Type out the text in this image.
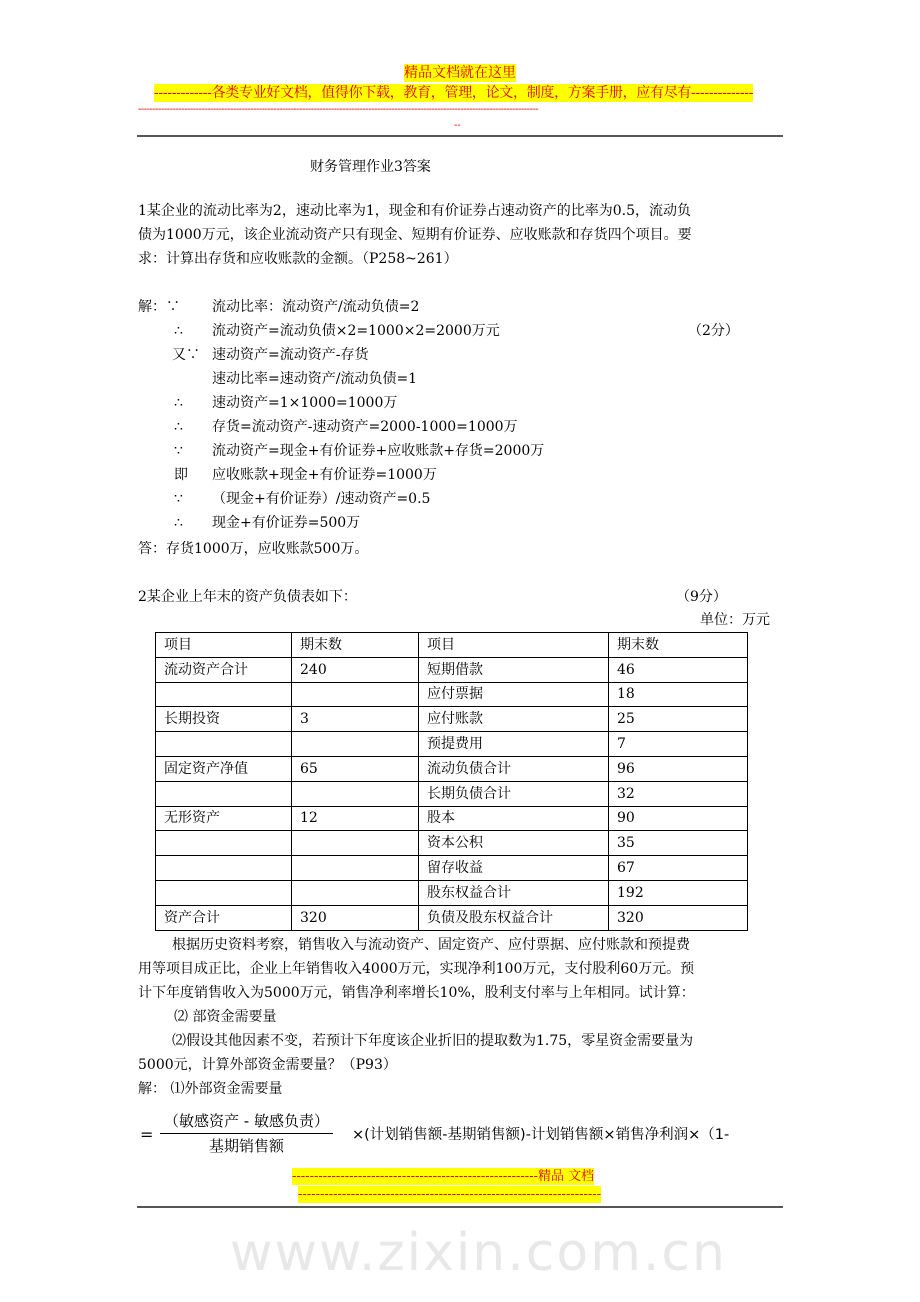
精品文档就在这里
-------------各类专业好文档，值得你下载，教育，管理，论文，制度，方案手册，应有尽有--------------
-------------------------------------------------------------------------------------------------------------------------------------------
--
财务管理作业3答案
（2分）
答：存货1000万，应收账款500万。
2某企业上年末的资产负债表如下：	（9分）
单位：万元
项目	期末数	项目	期末数
流动资产合计	240	短期借款	46
		应付票据	18
长期投资	3	应付账款	25
		预提费用	7
固定资产净值	65	流动负债合计	96
		长期负债合计	32
无形资产	12	股本	90
		资本公积	35
		留存收益	67
		股东权益合计	192
资产合计	320	负债及股东权益合计	320
解： ⑴外部资金需要量
=
（敏感资产 - 敏感负责）
基期销售额
×(计划销售额-基期销售额)-计划销售额×销售净利润×（1-
--------------------------------------------------------精品 文档
---------------------------------------------------------------------
www.zixin.com.cn
1某企业的流动比率为2，速动比率为1，现金和有价证券占速动资产的比率为0.5，流动负
债为1000万元，该企业流动资产只有现金、短期有价证券、应收账款和存货四个项目。要
求：计算出存货和应收账款的金额。（P258~261）
解：∵ 流动比率：流动资产/流动负债=2
∴ 流动资产=流动负债×2=1000×2=2000万元
又∵ 速动资产=流动资产-存货
速动比率=速动资产/流动负债=1
∴ 速动资产=1×1000=1000万
∴ 存货=流动资产-速动资产=2000-1000=1000万
∵ 流动资产=现金+有价证券+应收账款+存货=2000万
即 应收账款+现金+有价证券=1000万
∵ （现金+有价证券）/速动资产=0.5
∴ 现金+有价证券=500万
根据历史资料考察，销售收入与流动资产、固定资产、应付票据、应付账款和预提费
用等项目成正比，企业上年销售收入4000万元，实现净利100万元，支付股利60万元。预
计下年度销售收入为5000万元，销售净利率增长10%，股利支付率与上年相同。试计算：
⑵ 部资金需要量
⑵假设其他因素不变，若预计下年度该企业折旧的提取数为1.75，零星资金需要量为
5000元，计算外部资金需要量？（P93）
